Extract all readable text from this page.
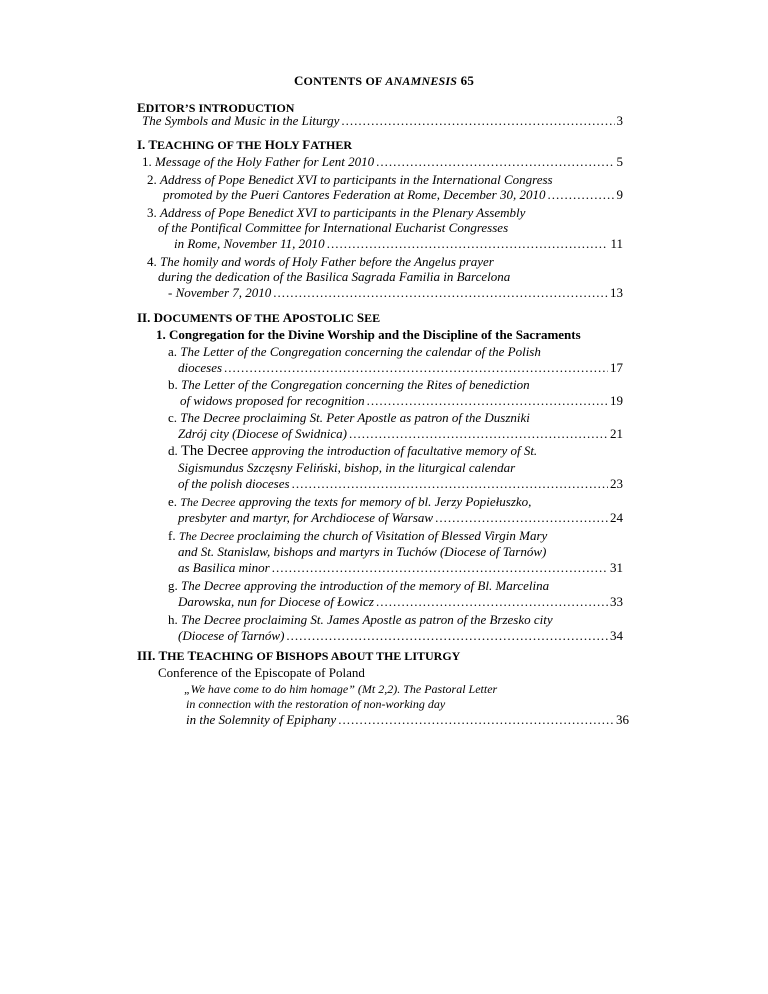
CONTENTS OF ANAMNESIS 65
EDITOR’S INTRODUCTION
The Symbols and Music in the Liturgy .....	3
I. TEACHING OF THE HOLY FATHER
1. Message of the Holy Father for Lent 2010 .....	5
2. Address of Pope Benedict XVI to participants in the International Congress
promoted by the Pueri Cantores Federation at Rome, December 30, 2010 .....	9
3. Address of Pope Benedict XVI to participants in the Plenary Assembly
of the Pontifical Committee for International Eucharist Congresses
in Rome, November 11, 2010 .....	11
4. The homily and words of Holy Father before the Angelus prayer
during the dedication of the Basilica Sagrada Familia in Barcelona
- November 7, 2010 .....	13
II. DOCUMENTS OF THE APOSTOLIC SEE
1. Congregation for the Divine Worship and the Discipline of the Sacraments
a. The Letter of the Congregation concerning the calendar of the Polish
dioceses .....	17
b. The Letter of the Congregation concerning the Rites of benediction
of widows proposed for recognition .....	19
c. The Decree proclaiming St. Peter Apostle as patron of the Duszniki
Zdrój city (Diocese of Swidnica) .....	21
d. The Decree approving the introduction of facultative memory of St.
Sigismundus Szczęsny Feliński, bishop, in the liturgical calendar
of the polish dioceses .....	23
e. The Decree approving the texts for memory of bl. Jerzy Popiełuszko,
presbyter and martyr, for Archdiocese of Warsaw .....	24
f. The Decree proclaiming the church of Visitation of Blessed Virgin Mary
and St. Stanislaw, bishops and martyrs in Tuchów (Diocese of Tarnów)
as Basilica minor .....	31
g. The Decree approving the introduction of the memory of Bl. Marcelina
Darowska, nun for Diocese of Łowicz .....	33
h. The Decree proclaiming St. James Apostle as patron of the Brzesko city
(Diocese of Tarnów) .....	34
III. THE TEACHING OF BISHOPS ABOUT THE LITURGY
Conference of the Episcopate of Poland
„We have come to do him homage” (Mt 2,2). The Pastoral Letter
in connection with the restoration of non-working day
in the Solemnity of Epiphany .....	36
